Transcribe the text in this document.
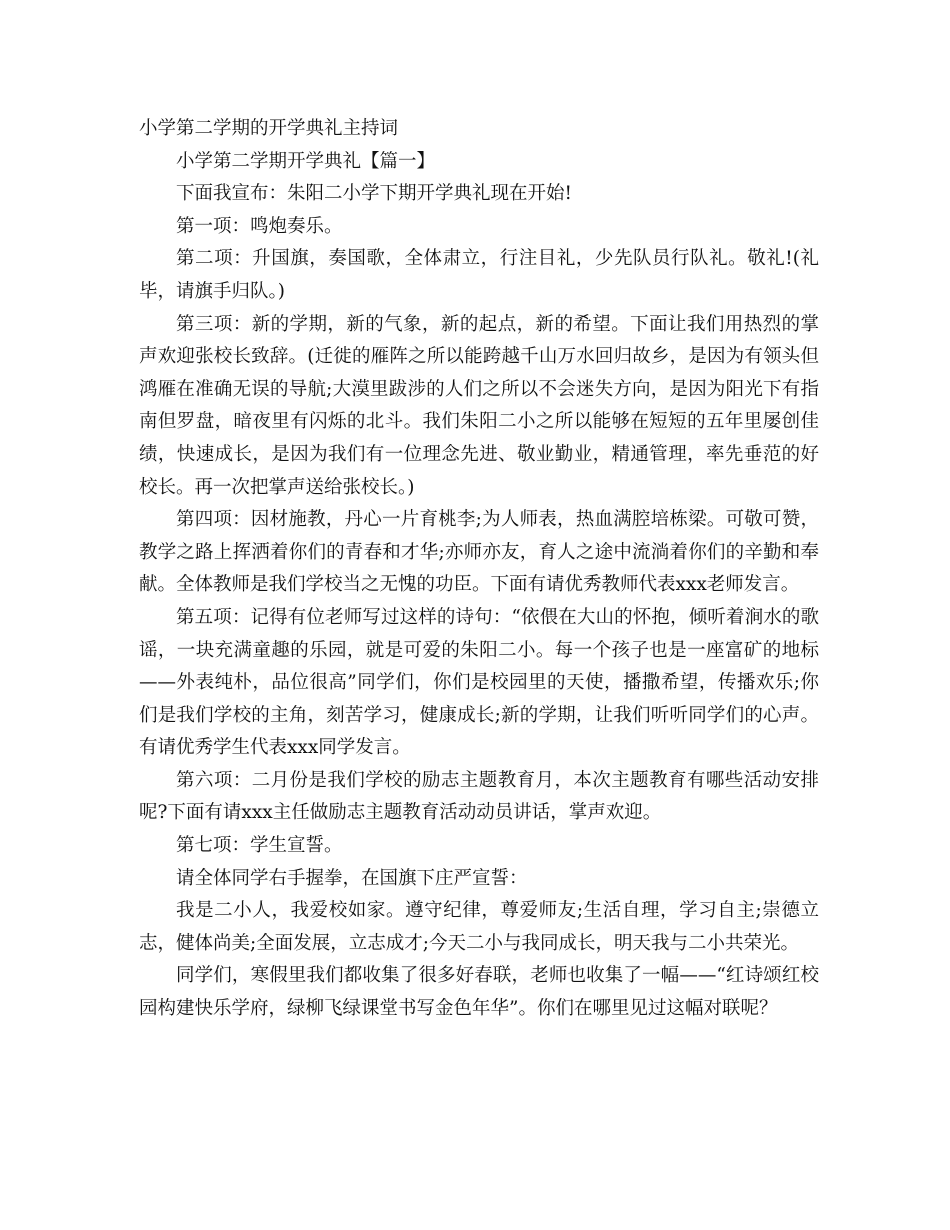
小学第二学期的开学典礼主持词

小学第二学期开学典礼【篇一】

下面我宣布：朱阳二小学下期开学典礼现在开始!

第一项：鸣炮奏乐。

第二项：升国旗，奏国歌，全体肃立，行注目礼，少先队员行队礼。敬礼!(礼毕，请旗手归队。)

第三项：新的学期，新的气象，新的起点，新的希望。下面让我们用热烈的掌声欢迎张校长致辞。(迁徙的雁阵之所以能跨越千山万水回归故乡，是因为有领头但鸿雁在准确无误的导航;大漠里跋涉的人们之所以不会迷失方向，是因为阳光下有指南但罗盘，暗夜里有闪烁的北斗。我们朱阳二小之所以能够在短短的五年里屡创佳绩，快速成长，是因为我们有一位理念先进、敬业勤业，精通管理，率先垂范的好校长。再一次把掌声送给张校长。)

第四项：因材施教，丹心一片育桃李;为人师表，热血满腔培栋梁。可敬可赞，教学之路上挥洒着你们的青春和才华;亦师亦友，育人之途中流淌着你们的辛勤和奉献。全体教师是我们学校当之无愧的功臣。下面有请优秀教师代表xxx老师发言。

第五项：记得有位老师写过这样的诗句：“依偎在大山的怀抱，倾听着涧水的歌谣，一块充满童趣的乐园，就是可爱的朱阳二小。每一个孩子也是一座富矿的地标——外表纯朴，品位很高”同学们，你们是校园里的天使，播撒希望，传播欢乐;你们是我们学校的主角，刻苦学习，健康成长;新的学期，让我们听听同学们的心声。有请优秀学生代表xxx同学发言。

第六项：二月份是我们学校的励志主题教育月，本次主题教育有哪些活动安排呢?下面有请xxx主任做励志主题教育活动动员讲话，掌声欢迎。

第七项：学生宣誓。

请全体同学右手握拳，在国旗下庄严宣誓：

我是二小人，我爱校如家。遵守纪律，尊爱师友;生活自理，学习自主;崇德立志，健体尚美;全面发展，立志成才;今天二小与我同成长，明天我与二小共荣光。

同学们，寒假里我们都收集了很多好春联，老师也收集了一幅——“红诗颂红校园构建快乐学府，绿柳飞绿课堂书写金色年华”。你们在哪里见过这幅对联呢？
